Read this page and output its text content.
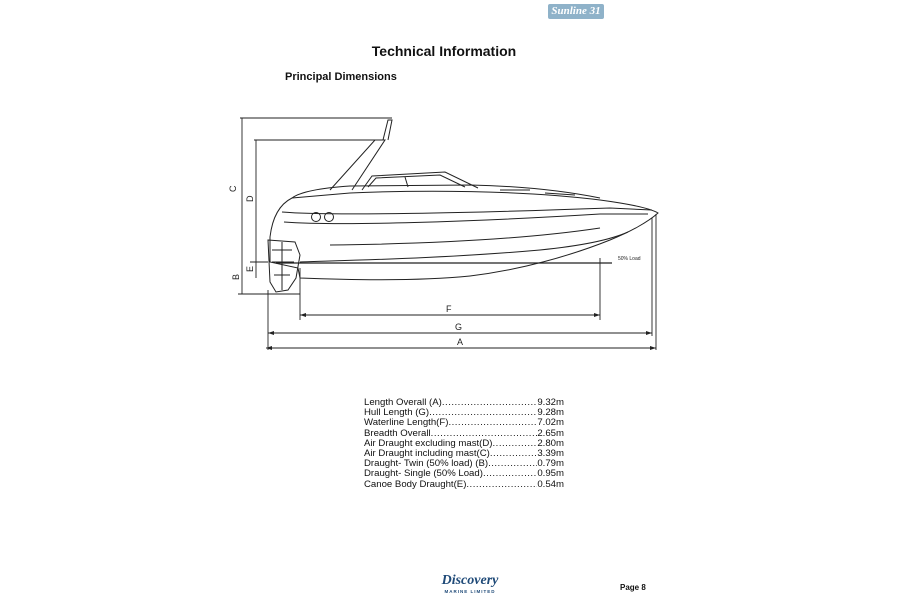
Sunline 31
Technical Information
Principal Dimensions
C
D
E
B
F
G
A
50% Load
Length Overall (A) .....	9.32m
Hull Length (G) .....	9.28m
Waterline Length(F) .....	7.02m
Breadth Overall .....	2.65m
Air Draught excluding mast(D) .....	2.80m
Air Draught including mast(C) .....	3.39m
Draught- Twin (50% load) (B) .....	0.79m
Draught- Single (50% Load) .....	0.95m
Canoe Body Draught(E) .....	0.54m
Discovery
MARINE LIMITED	Page 8
